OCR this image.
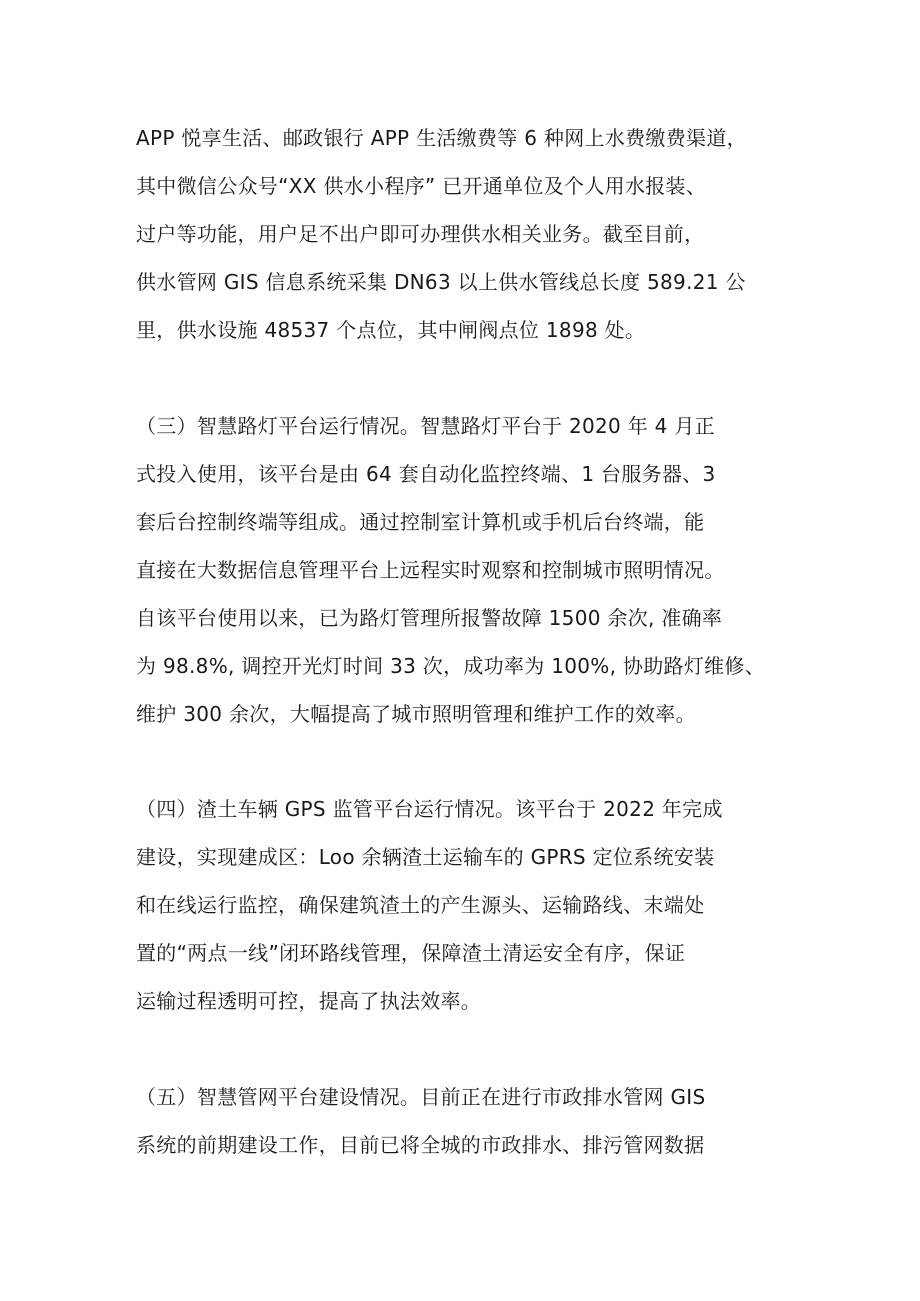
APP 悦享生活、邮政银行 APP 生活缴费等 6 种网上水费缴费渠道，
其中微信公众号“XX 供水小程序” 已开通单位及个人用水报装、
过户等功能，用户足不出户即可办理供水相关业务。截至目前，
供水管网 GIS 信息系统采集 DN63 以上供水管线总长度 589.21 公
里，供水设施 48537 个点位，其中闸阀点位 1898 处。
（三）智慧路灯平台运行情况。智慧路灯平台于 2020 年 4 月正
式投入使用，该平台是由 64 套自动化监控终端、1 台服务器、3
套后台控制终端等组成。通过控制室计算机或手机后台终端，能
直接在大数据信息管理平台上远程实时观察和控制城市照明情况。
自该平台使用以来，已为路灯管理所报警故障 1500 余次, 准确率
为 98.8%, 调控开光灯时间 33 次，成功率为 100%, 协助路灯维修、
维护 300 余次，大幅提高了城市照明管理和维护工作的效率。
（四）渣土车辆 GPS 监管平台运行情况。该平台于 2022 年完成
建设，实现建成区：Loo 余辆渣土运输车的 GPRS 定位系统安装
和在线运行监控，确保建筑渣土的产生源头、运输路线、末端处
置的“两点一线”闭环路线管理，保障渣土清运安全有序，保证
运输过程透明可控，提高了执法效率。
（五）智慧管网平台建设情况。目前正在进行市政排水管网 GIS
系统的前期建设工作，目前已将全城的市政排水、排污管网数据
